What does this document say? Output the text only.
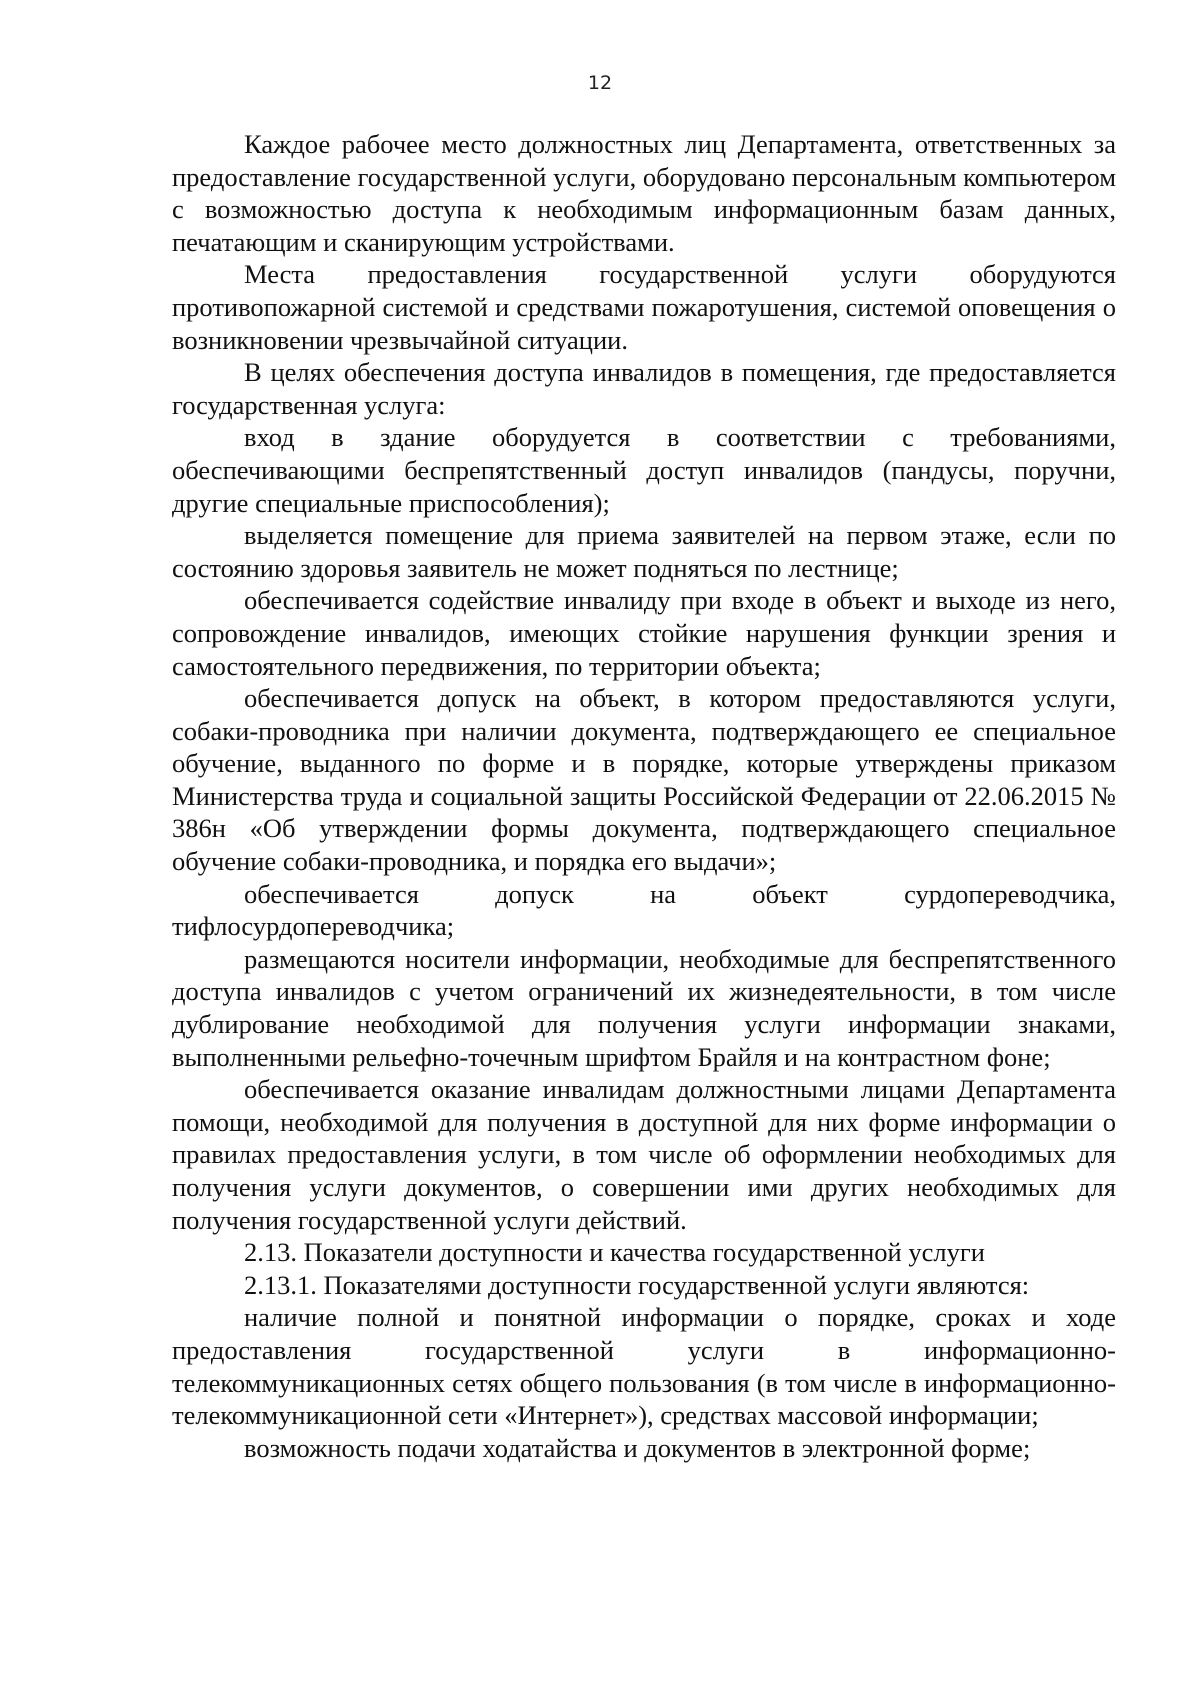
12

Каждое рабочее место должностных лиц Департамента, ответственных за предоставление государственной услуги, оборудовано персональным компьютером с возможностью доступа к необходимым информационным базам данных, печатающим и сканирующим устройствами.

Места предоставления государственной услуги оборудуются противопожарной системой и средствами пожаротушения, системой оповещения о возникновении чрезвычайной ситуации.

В целях обеспечения доступа инвалидов в помещения, где предоставляется государственная услуга:

вход в здание оборудуется в соответствии с требованиями, обеспечивающими беспрепятственный доступ инвалидов (пандусы, поручни, другие специальные приспособления);

выделяется помещение для приема заявителей на первом этаже, если по состоянию здоровья заявитель не может подняться по лестнице;

обеспечивается содействие инвалиду при входе в объект и выходе из него, сопровождение инвалидов, имеющих стойкие нарушения функции зрения и самостоятельного передвижения, по территории объекта;

обеспечивается допуск на объект, в котором предоставляются услуги, собаки-проводника при наличии документа, подтверждающего ее специальное обучение, выданного по форме и в порядке, которые утверждены приказом Министерства труда и социальной защиты Российской Федерации от 22.06.2015 № 386н «Об утверждении формы документа, подтверждающего специальное обучение собаки-проводника, и порядка его выдачи»;

обеспечивается допуск на объект сурдопереводчика, тифлосурдопереводчика;

размещаются носители информации, необходимые для беспрепятственного доступа инвалидов с учетом ограничений их жизнедеятельности, в том числе дублирование необходимой для получения услуги информации знаками, выполненными рельефно-точечным шрифтом Брайля и на контрастном фоне;

обеспечивается оказание инвалидам должностными лицами Департамента помощи, необходимой для получения в доступной для них форме информации о правилах предоставления услуги, в том числе об оформлении необходимых для получения услуги документов, о совершении ими других необходимых для получения государственной услуги действий.

2.13. Показатели доступности и качества государственной услуги

2.13.1. Показателями доступности государственной услуги являются:

наличие полной и понятной информации о порядке, сроках и ходе предоставления государственной услуги в информационно-телекоммуникационных сетях общего пользования (в том числе в информационно-телекоммуникационной сети «Интернет»), средствах массовой информации;

возможность подачи ходатайства и документов в электронной форме;
